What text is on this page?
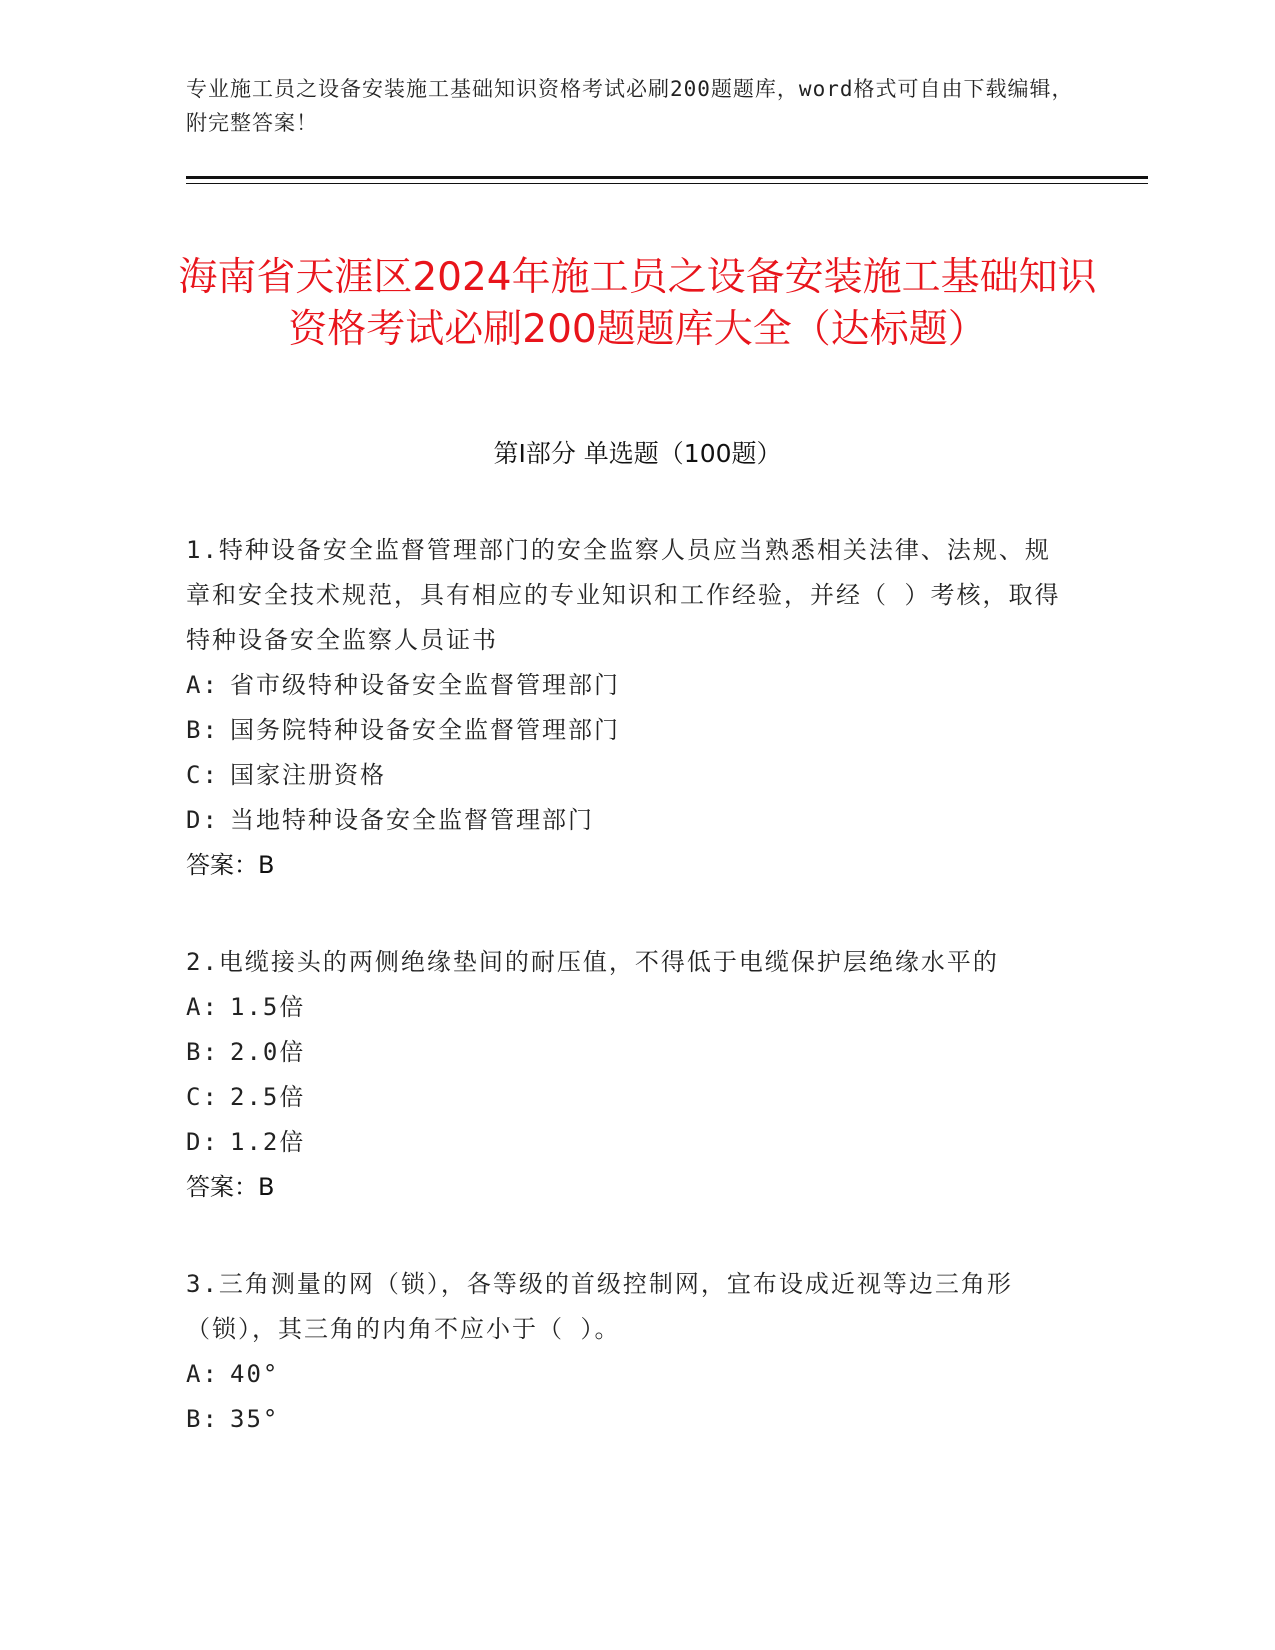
专业施工员之设备安装施工基础知识资格考试必刷200题题库，word格式可自由下载编辑，附完整答案！
海南省天涯区2024年施工员之设备安装施工基础知识资格考试必刷200题题库大全（达标题）
第Ⅰ部分 单选题（100题）
1.特种设备安全监督管理部门的安全监察人员应当熟悉相关法律、法规、规章和安全技术规范，具有相应的专业知识和工作经验，并经（ ）考核，取得特种设备安全监察人员证书
A: 省市级特种设备安全监督管理部门
B: 国务院特种设备安全监督管理部门
C: 国家注册资格
D: 当地特种设备安全监督管理部门
答案：B
2.电缆接头的两侧绝缘垫间的耐压值，不得低于电缆保护层绝缘水平的
A: 1.5倍
B: 2.0倍
C: 2.5倍
D: 1.2倍
答案：B
3.三角测量的网（锁），各等级的首级控制网，宜布设成近视等边三角形（锁），其三角的内角不应小于（ ）。
A: 40°
B: 35°
